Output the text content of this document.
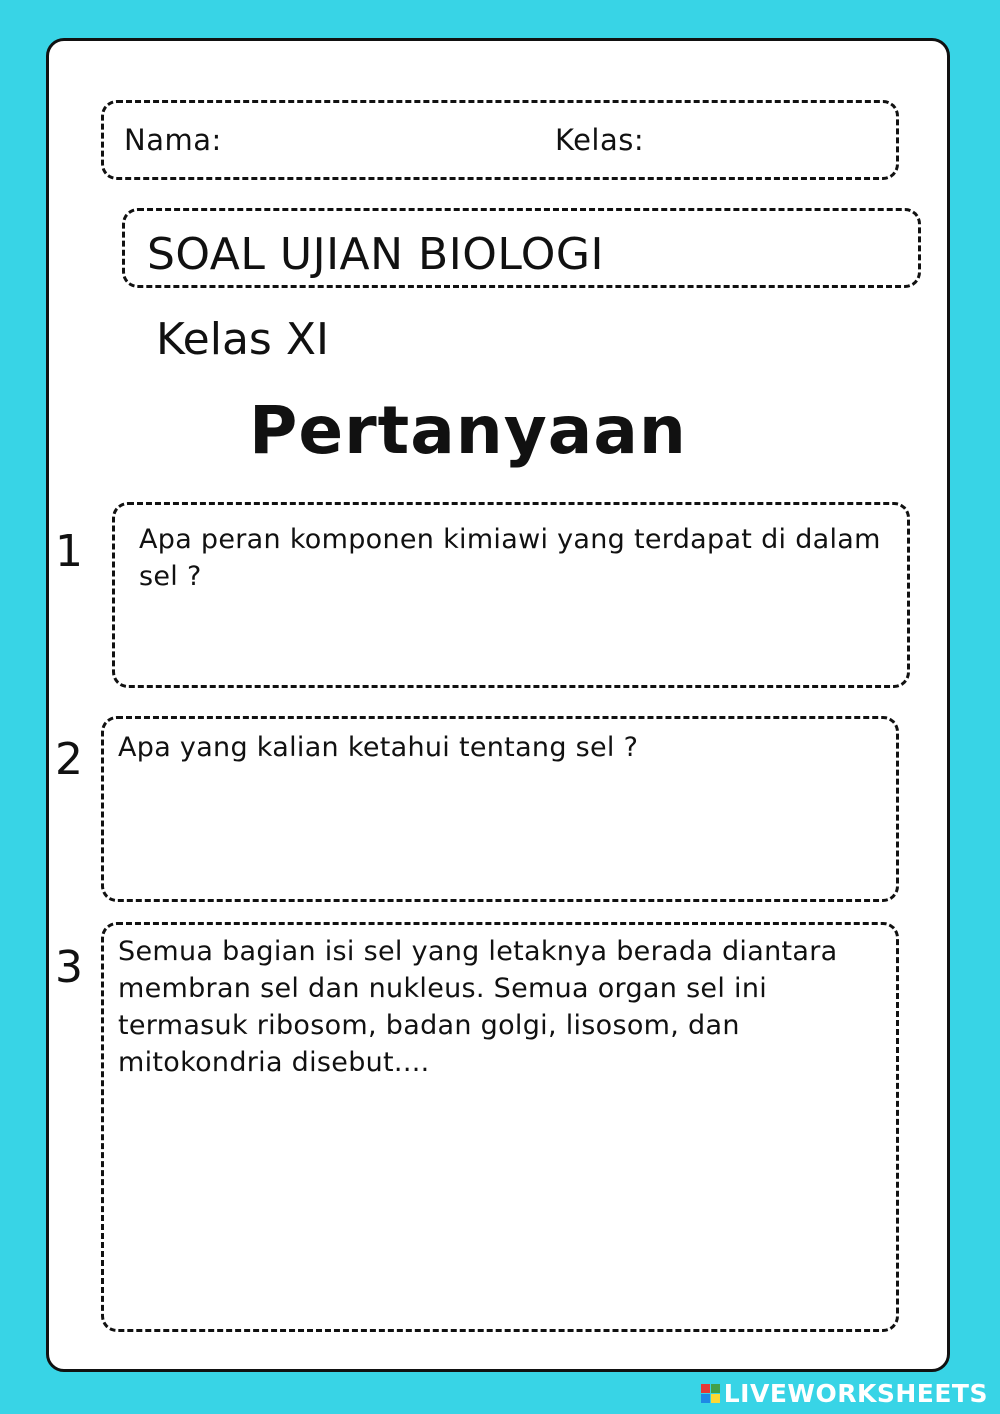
Nama:	Kelas:
SOAL UJIAN BIOLOGI
Kelas XI
Pertanyaan
1 Apa peran komponen kimiawi yang terdapat di dalam sel ?
2 Apa yang kalian ketahui tentang sel ?
3 Semua bagian isi sel yang letaknya berada diantara membran sel dan nukleus. Semua organ sel ini termasuk ribosom, badan golgi, lisosom, dan mitokondria disebut....
LIVEWORKSHEETS
